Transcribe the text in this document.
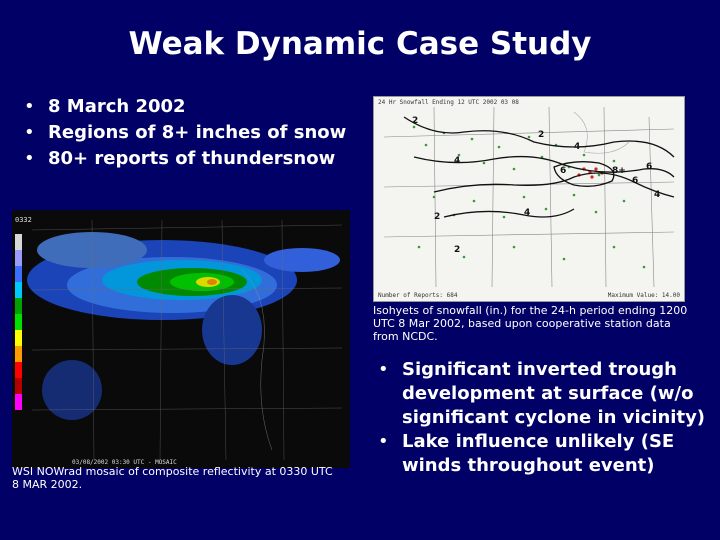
Weak Dynamic Case Study
• 8 March 2002
• Regions of 8+ inches of snow
• 80+ reports of thundersnow
24 Hr Snowfall Ending 12 UTC 2002 03 08
2
2
4
4
6	6
8+
6
4
2
2
4
Number of Reports: 684	Maximum Value: 14.00
Isohyets of snowfall (in.) for the 24-h period ending 1200 UTC 8 Mar 2002, based upon cooperative station data from NCDC.
0332
03/08/2002 03:30 UTC - MOSAIC
WSI NOWrad mosaic of composite reflectivity at 0330 UTC 8 MAR 2002.
• Significant inverted trough development at surface (w/o significant cyclone in vicinity)
• Lake influence unlikely (SE winds throughout event)
